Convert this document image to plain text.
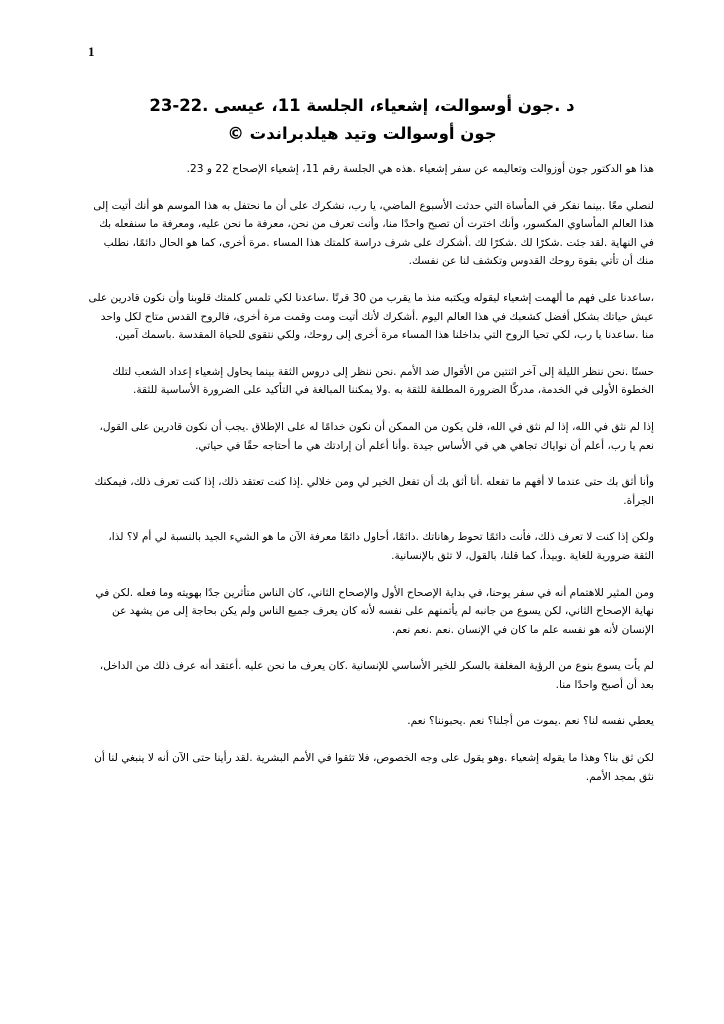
1
د .جون أوسوالت، إشعياء، الجلسة 11، عيسى .22-23
جون أوسوالت وتيد هيلدبراندت ©

هذا هو الدكتور جون أوزوالت وتعاليمه عن سفر إشعياء .هذه هي الجلسة رقم 11، إشعياء الإصحاح 22 و 23.

لنصلي معًا .بينما نفكر في المأساة التي حدثت الأسبوع الماضي، يا رب، نشكرك على أن ما نحتفل به هذا الموسم هو أنك أتيت إلى هذا العالم المأساوي المكسور، وأنك اخترت أن تصبح واحدًا منا، وأنت تعرف من نحن، معرفة ما نحن عليه، ومعرفة ما سنفعله بك في النهاية .لقد جئت .شكرًا لك .شكرًا لك .أشكرك على شرف دراسة كلمتك هذا المساء .مرة أخرى، كما هو الحال دائمًا، نطلب منك أن تأتي بقوة روحك القدوس وتكشف لنا عن نفسك.

،ساعدنا على فهم ما ألهمت إشعياء ليقوله ويكتبه منذ ما يقرب من 30 قرنًا .ساعدنا لكي تلمس كلمتك قلوبنا وأن نكون قادرين على عيش حياتك بشكل أفضل كشعبك في هذا العالم اليوم .أشكرك لأنك أتيت ومت وقمت مرة أخرى، فالروح القدس متاح لكل واحد منا .ساعدنا يا رب، لكي تحيا الروح التي بداخلنا هذا المساء مرة أخرى إلى روحك، ولكي نتقوى للحياة المقدسة .باسمك آمين.

حسنًا .نحن ننظر الليلة إلى آخر اثنتين من الأقوال ضد الأمم .نحن ننظر إلى دروس الثقة بينما يحاول إشعياء إعداد الشعب لتلك الخطوة الأولى في الخدمة، مدركًا الضرورة المطلقة للثقة به .ولا يمكننا المبالغة في التأكيد على الضرورة الأساسية للثقة.

إذا لم نثق في الله، إذا لم نثق في الله، فلن يكون من الممكن أن نكون خدامًا له على الإطلاق .يجب أن نكون قادرين على القول، نعم يا رب، أعلم أن نواياك تجاهي هي في الأساس جيدة .وأنا أعلم أن إرادتك هي ما أحتاجه حقًا في حياتي.

وأنا أثق بك حتى عندما لا أفهم ما تفعله .أنا أثق بك أن تفعل الخير لي ومن خلالي .إذا كنت تعتقد ذلك، إذا كنت تعرف ذلك، فيمكنك الجرأة.

ولكن إذا كنت لا تعرف ذلك، فأنت دائمًا تحوط رهاناتك .دائمًا، أحاول دائمًا معرفة الآن ما هو الشيء الجيد بالنسبة لي أم لا؟ لذا، الثقة ضرورية للغاية .وبيدأ، كما قلنا، بالقول، لا تثق بالإنسانية.

ومن المثير للاهتمام أنه في سفر يوحنا، في بداية الإصحاح الأول والإصحاح الثاني، كان الناس متأثرين جدًا بهويته وما فعله .لكن في نهاية الإصحاح الثاني، لكن يسوع من جانبه لم يأتمنهم على نفسه لأنه كان يعرف جميع الناس ولم يكن بحاجة إلى من يشهد عن الإنسان لأنه هو نفسه علم ما كان في الإنسان .نعم .نعم نعم.

لم يأت يسوع بنوع من الرؤية المغلفة بالسكر للخير الأساسي للإنسانية .كان يعرف ما نحن عليه .أعتقد أنه عرف ذلك من الداخل، بعد أن أصبح واحدًا منا.

يعطي نفسه لنا؟ نعم .يموت من أجلنا؟ نعم .يحبوننا؟ نعم.

لكن ثق بنا؟ وهذا ما يقوله إشعياء .وهو يقول على وجه الخصوص، فلا تثقوا في الأمم البشرية .لقد رأينا حتى الآن أنه لا ينبغي لنا أن نثق بمجد الأمم.
